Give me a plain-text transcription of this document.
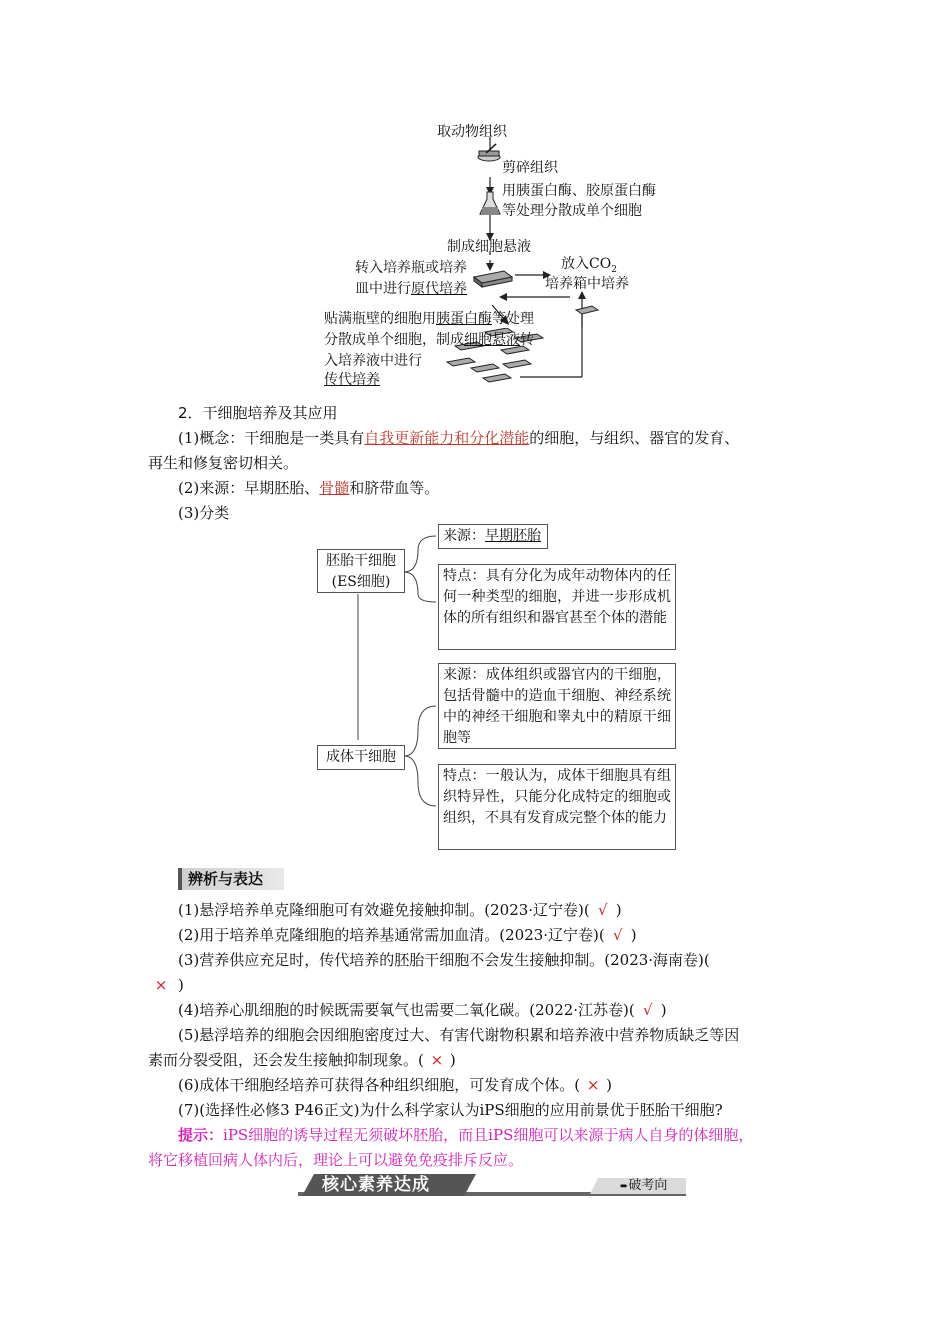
取动物组织
剪碎组织
用胰蛋白酶、胶原蛋白酶
等处理分散成单个细胞
制成细胞悬液
转入培养瓶或培养
皿中进行原代培养
放入$CO_2$
培养箱中培养
贴满瓶壁的细胞用胰蛋白酶等处理
分散成单个细胞，制成细胞悬液转
入培养液中进行
传代培养
2．干细胞培养及其应用
(1)概念：干细胞是一类具有自我更新能力和分化潜能的细胞，与组织、器官的发育、
再生和修复密切相关。
(2)来源：早期胚胎、骨髓和脐带血等。
(3)分类
胚胎干细胞
(ES细胞)
来源：早期胚胎
特点：具有分化为成年动物体内的任何一种类型的细胞，并进一步形成机体的所有组织和器官甚至个体的潜能
成体干细胞
来源：成体组织或器官内的干细胞，包括骨髓中的造血干细胞、神经系统中的神经干细胞和睾丸中的精原干细胞等
特点：一般认为，成体干细胞具有组织特异性，只能分化成特定的细胞或组织，不具有发育成完整个体的能力
辨析与表达
(1)悬浮培养单克隆细胞可有效避免接触抑制。(2023·辽宁卷)( √ )
(2)用于培养单克隆细胞的培养基通常需加血清。(2023·辽宁卷)( √ )
(3)营养供应充足时，传代培养的胚胎干细胞不会发生接触抑制。(2023·海南卷)(
× )
(4)培养心肌细胞的时候既需要氧气也需要二氧化碳。(2022·江苏卷)( √ )
(5)悬浮培养的细胞会因细胞密度过大、有害代谢物积累和培养液中营养物质缺乏等因
素而分裂受阻，还会发生接触抑制现象。( × )
(6)成体干细胞经培养可获得各种组织细胞，可发育成个体。( × )
(7)(选择性必修3 P46正文)为什么科学家认为iPS细胞的应用前景优于胚胎干细胞?
提示：iPS细胞的诱导过程无须破坏胚胎，而且iPS细胞可以来源于病人自身的体细胞，
将它移植回病人体内后，理论上可以避免免疫排斥反应。
核心素养达成	➨破考向
